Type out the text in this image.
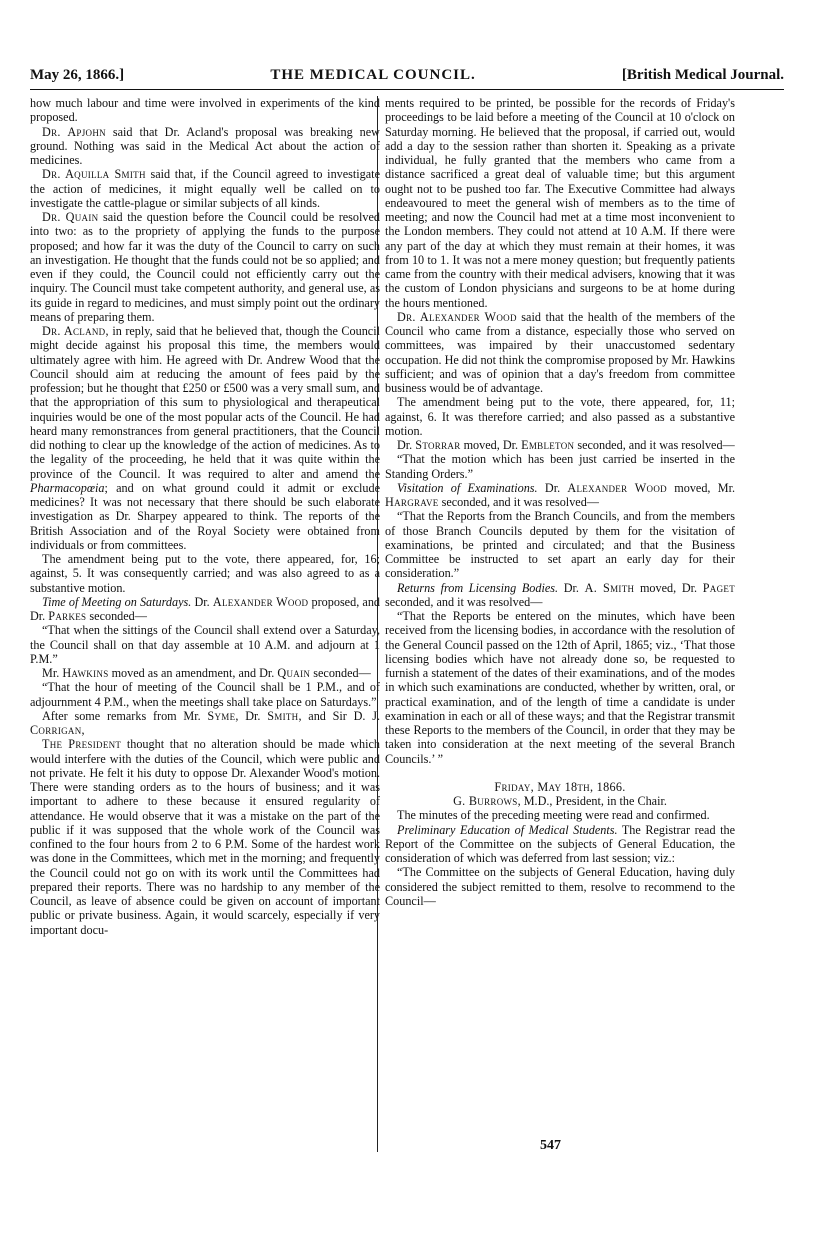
May 26, 1866.]	THE MEDICAL COUNCIL.	[British Medical Journal.

how much labour and time were involved in experiments of the kind proposed.

Dr. Apjohn said that Dr. Acland's proposal was breaking new ground. Nothing was said in the Medical Act about the action of medicines.

Dr. Aquilla Smith said that, if the Council agreed to investigate the action of medicines, it might equally well be called on to investigate the cattle-plague or similar subjects of all kinds.

Dr. Quain said the question before the Council could be resolved into two: as to the propriety of applying the funds to the purpose proposed; and how far it was the duty of the Council to carry on such an investigation. He thought that the funds could not be so applied; and even if they could, the Council could not efficiently carry out the inquiry. The Council must take competent authority, and general use, as its guide in regard to medicines, and must simply point out the ordinary means of preparing them.

Dr. Acland, in reply, said that he believed that, though the Council might decide against his proposal this time, the members would ultimately agree with him. He agreed with Dr. Andrew Wood that the Council should aim at reducing the amount of fees paid by the profession; but he thought that £250 or £500 was a very small sum, and that the appropriation of this sum to physiological and therapeutical inquiries would be one of the most popular acts of the Council. He had heard many remonstrances from general practitioners, that the Council did nothing to clear up the knowledge of the action of medicines. As to the legality of the proceeding, he held that it was quite within the province of the Council. It was required to alter and amend the Pharmacopœia; and on what ground could it admit or exclude medicines? It was not necessary that there should be such elaborate investigation as Dr. Sharpey appeared to think. The reports of the British Association and of the Royal Society were obtained from individuals or from committees.

The amendment being put to the vote, there appeared, for, 16; against, 5. It was consequently carried; and was also agreed to as a substantive motion.

Time of Meeting on Saturdays. Dr. Alexander Wood proposed, and Dr. Parkes seconded—

“That when the sittings of the Council shall extend over a Saturday, the Council shall on that day assemble at 10 A.M. and adjourn at 1 P.M.”

Mr. Hawkins moved as an amendment, and Dr. Quain seconded—

“That the hour of meeting of the Council shall be 1 P.M., and of adjournment 4 P.M., when the meetings shall take place on Saturdays.”

After some remarks from Mr. Syme, Dr. Smith, and Sir D. J. Corrigan,

The President thought that no alteration should be made which would interfere with the duties of the Council, which were public and not private. He felt it his duty to oppose Dr. Alexander Wood's motion. There were standing orders as to the hours of business; and it was important to adhere to these because it ensured regularity of attendance. He would observe that it was a mistake on the part of the public if it was supposed that the whole work of the Council was confined to the four hours from 2 to 6 P.M. Some of the hardest work was done in the Committees, which met in the morning; and frequently the Council could not go on with its work until the Committees had prepared their reports. There was no hardship to any member of the Council, as leave of absence could be given on account of important public or private business. Again, it would scarcely, especially if very important docu-

ments required to be printed, be possible for the records of Friday's proceedings to be laid before a meeting of the Council at 10 o'clock on Saturday morning. He believed that the proposal, if carried out, would add a day to the session rather than shorten it. Speaking as a private individual, he fully granted that the members who came from a distance sacrificed a great deal of valuable time; but this argument ought not to be pushed too far. The Executive Committee had always endeavoured to meet the general wish of members as to the time of meeting; and now the Council had met at a time most inconvenient to the London members. They could not attend at 10 A.M. If there were any part of the day at which they must remain at their homes, it was from 10 to 1. It was not a mere money question; but frequently patients came from the country with their medical advisers, knowing that it was the custom of London physicians and surgeons to be at home during the hours mentioned.

Dr. Alexander Wood said that the health of the members of the Council who came from a distance, especially those who served on committees, was impaired by their unaccustomed sedentary occupation. He did not think the compromise proposed by Mr. Hawkins sufficient; and was of opinion that a day's freedom from committee business would be of advantage.

The amendment being put to the vote, there appeared, for, 11; against, 6. It was therefore carried; and also passed as a substantive motion.

Dr. Storrar moved, Dr. Embleton seconded, and it was resolved—

“That the motion which has been just carried be inserted in the Standing Orders.”

Visitation of Examinations. Dr. Alexander Wood moved, Mr. Hargrave seconded, and it was resolved—

“That the Reports from the Branch Councils, and from the members of those Branch Councils deputed by them for the visitation of examinations, be printed and circulated; and that the Business Committee be instructed to set apart an early day for their consideration.”

Returns from Licensing Bodies. Dr. A. Smith moved, Dr. Paget seconded, and it was resolved—

“That the Reports be entered on the minutes, which have been received from the licensing bodies, in accordance with the resolution of the General Council passed on the 12th of April, 1865; viz., ‘That those licensing bodies which have not already done so, be requested to furnish a statement of the dates of their examinations, and of the modes in which such examinations are conducted, whether by written, oral, or practical examination, and of the length of time a candidate is under examination in each or all of these ways; and that the Registrar transmit these Reports to the members of the Council, in order that they may be taken into consideration at the next meeting of the several Branch Councils.’ ”

Friday, May 18th, 1866.

G. Burrows, M.D., President, in the Chair.

The minutes of the preceding meeting were read and confirmed.

Preliminary Education of Medical Students. The Registrar read the Report of the Committee on the subjects of General Education, the consideration of which was deferred from last session; viz.:

“The Committee on the subjects of General Education, having duly considered the subject remitted to them, resolve to recommend to the Council—

547
